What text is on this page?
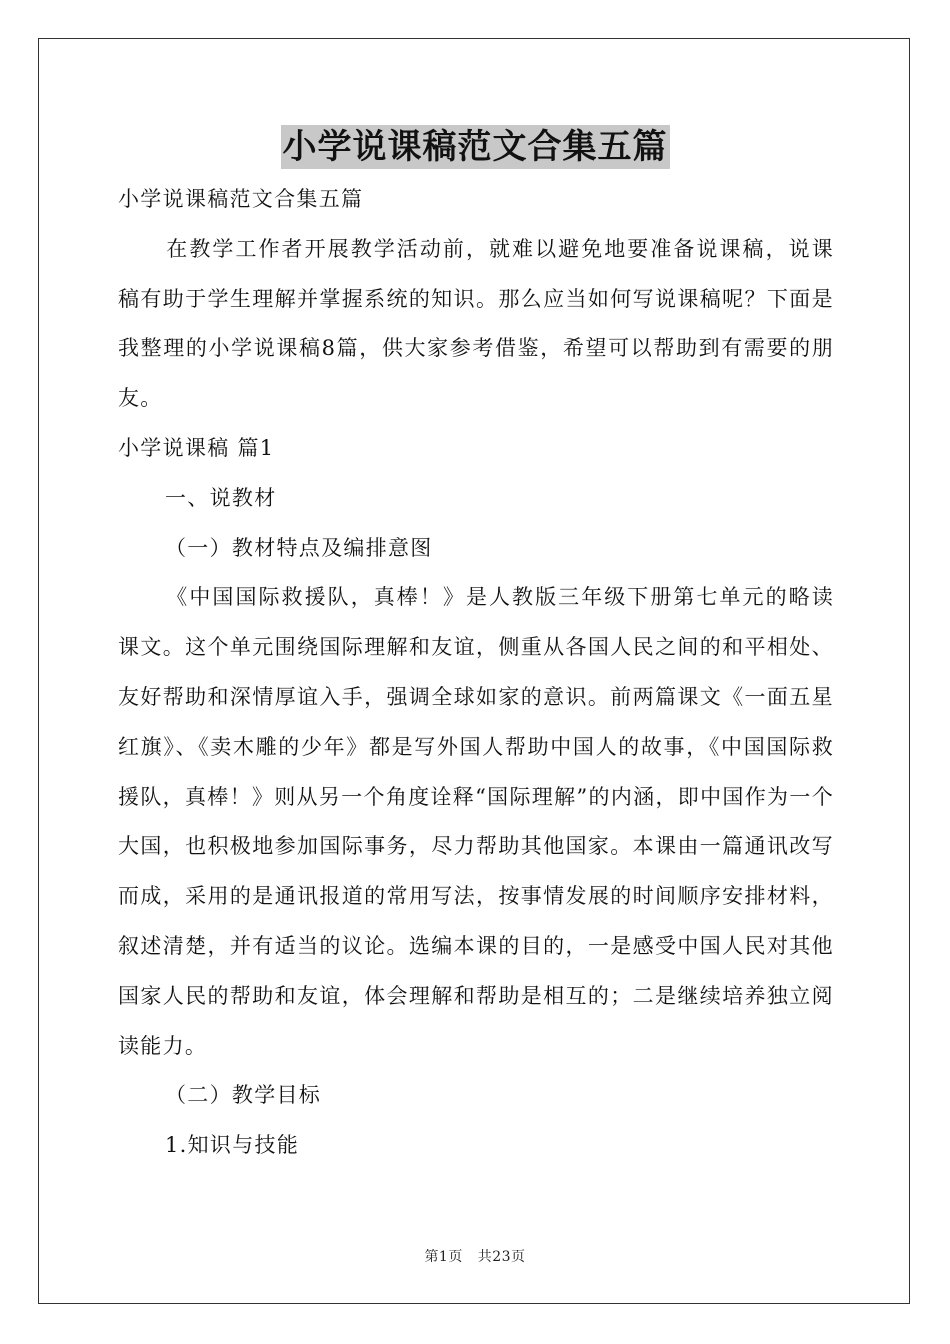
小学说课稿范文合集五篇
小学说课稿范文合集五篇
在教学工作者开展教学活动前，就难以避免地要准备说课稿，说课稿有助于学生理解并掌握系统的知识。那么应当如何写说课稿呢？下面是我整理的小学说课稿8篇，供大家参考借鉴，希望可以帮助到有需要的朋友。
小学说课稿 篇1
一、说教材
（一）教材特点及编排意图
《中国国际救援队，真棒！》是人教版三年级下册第七单元的略读课文。这个单元围绕国际理解和友谊，侧重从各国人民之间的和平相处、友好帮助和深情厚谊入手，强调全球如家的意识。前两篇课文《一面五星红旗》、《卖木雕的少年》都是写外国人帮助中国人的故事，《中国国际救援队，真棒！》则从另一个角度诠释“国际理解”的内涵，即中国作为一个大国，也积极地参加国际事务，尽力帮助其他国家。本课由一篇通讯改写而成，采用的是通讯报道的常用写法，按事情发展的时间顺序安排材料，叙述清楚，并有适当的议论。选编本课的目的，一是感受中国人民对其他国家人民的帮助和友谊，体会理解和帮助是相互的；二是继续培养独立阅读能力。
（二）教学目标
1.知识与技能
第1页 共23页
